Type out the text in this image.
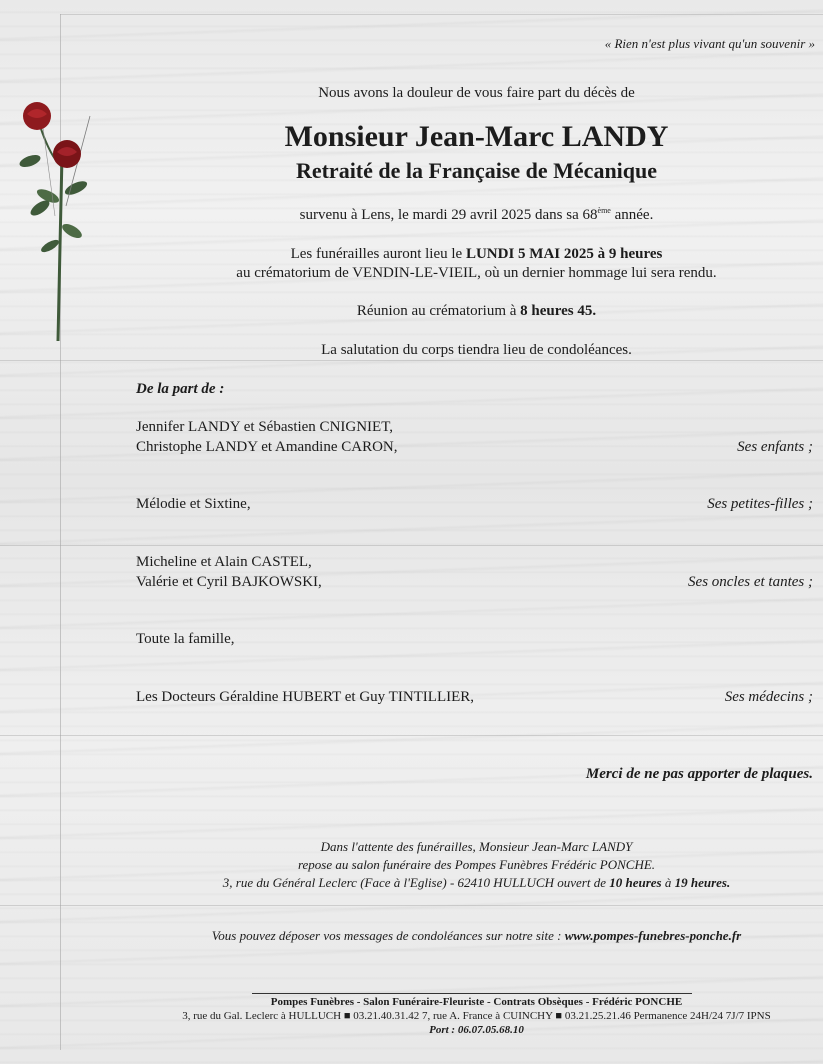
« Rien n'est plus vivant qu'un souvenir »
Nous avons la douleur de vous faire part du décès de
Monsieur Jean-Marc LANDY
Retraité de la Française de Mécanique
survenu à Lens, le mardi 29 avril 2025 dans sa 68ème année.
Les funérailles auront lieu le LUNDI 5 MAI 2025 à 9 heures
au crématorium de VENDIN-LE-VIEIL, où un dernier hommage lui sera rendu.
Réunion au crématorium à 8 heures 45.
La salutation du corps tiendra lieu de condoléances.
De la part de :
Jennifer LANDY et Sébastien CNIGNIET,
Christophe LANDY et Amandine CARON,	Ses enfants ;
Mélodie et Sixtine,	Ses petites-filles ;
Micheline et Alain CASTEL,
Valérie et Cyril BAJKOWSKI,	Ses oncles et tantes ;
Toute la famille,
Les Docteurs Géraldine HUBERT et Guy TINTILLIER,	Ses médecins ;
Merci de ne pas apporter de plaques.
Dans l'attente des funérailles, Monsieur Jean-Marc LANDY
repose au salon funéraire des Pompes Funèbres Frédéric PONCHE.
3, rue du Général Leclerc (Face à l'Eglise) - 62410 HULLUCH ouvert de 10 heures à 19 heures.
Vous pouvez déposer vos messages de condoléances sur notre site : www.pompes-funebres-ponche.fr
Pompes Funèbres - Salon Funéraire-Fleuriste - Contrats Obsèques - Frédéric PONCHE
3, rue du Gal. Leclerc à HULLUCH ■ 03.21.40.31.42 7, rue A. France à CUINCHY ■ 03.21.25.21.46 Permanence 24H/24 7J/7 IPNS
Port : 06.07.05.68.10
